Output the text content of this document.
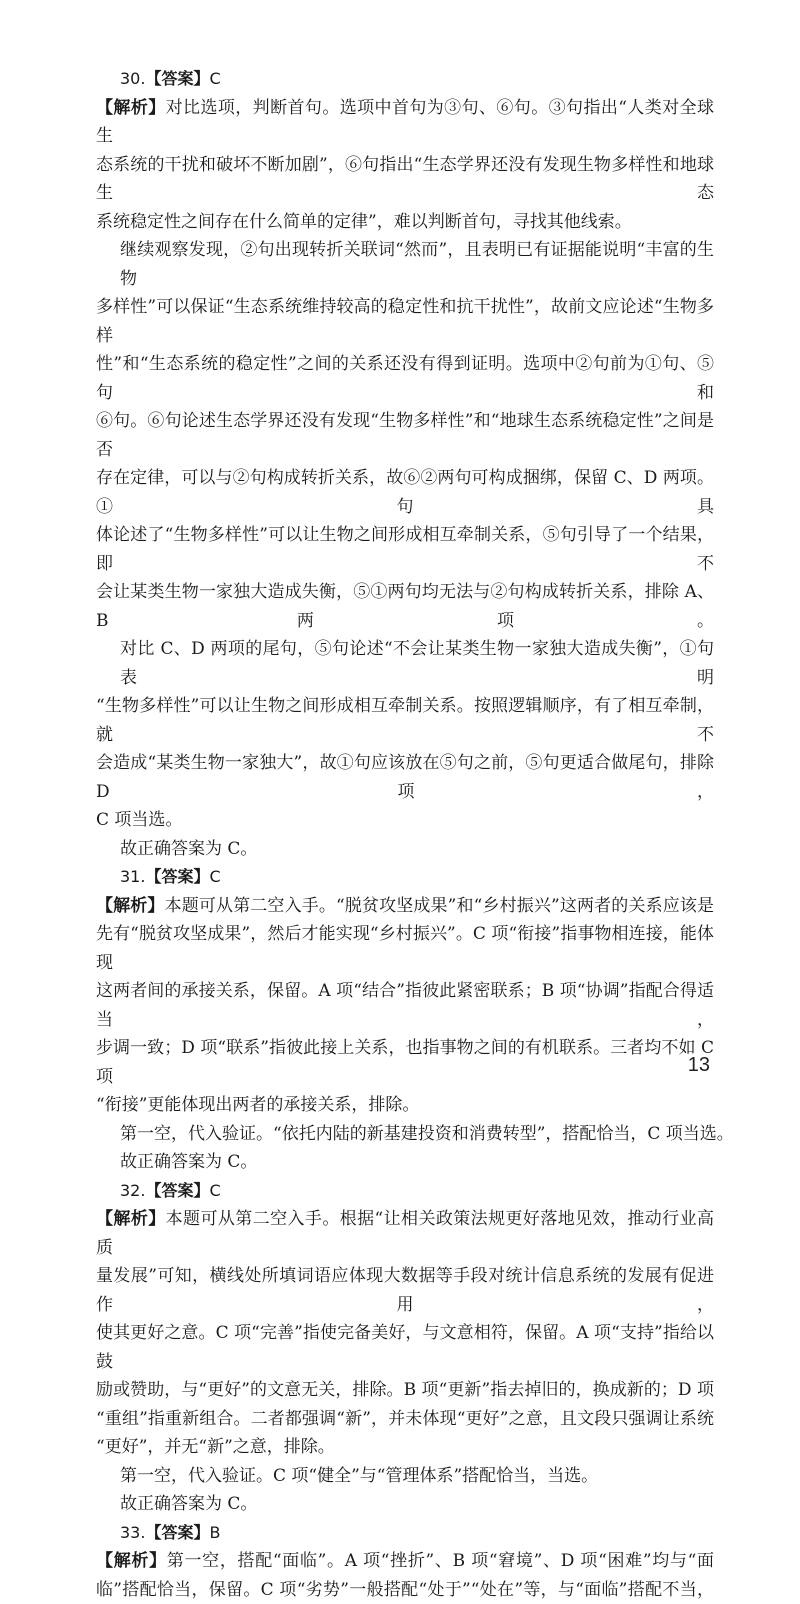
30.【答案】C

【解析】对比选项，判断首句。选项中首句为③句、⑥句。③句指出“人类对全球生

态系统的干扰和破坏不断加剧”，⑥句指出“生态学界还没有发现生物多样性和地球生态

系统稳定性之间存在什么简单的定律”，难以判断首句，寻找其他线索。

继续观察发现，②句出现转折关联词“然而”，且表明已有证据能说明“丰富的生物

多样性”可以保证“生态系统维持较高的稳定性和抗干扰性”，故前文应论述“生物多样

性”和“生态系统的稳定性”之间的关系还没有得到证明。选项中②句前为①句、⑤句和

⑥句。⑥句论述生态学界还没有发现“生物多样性”和“地球生态系统稳定性”之间是否

存在定律，可以与②句构成转折关系，故⑥②两句可构成捆绑，保留 C、D 两项。①句具

体论述了“生物多样性”可以让生物之间形成相互牵制关系，⑤句引导了一个结果，即不

会让某类生物一家独大造成失衡，⑤①两句均无法与②句构成转折关系，排除 A、B 两项。

对比 C、D 两项的尾句，⑤句论述“不会让某类生物一家独大造成失衡”，①句表明

“生物多样性”可以让生物之间形成相互牵制关系。按照逻辑顺序，有了相互牵制，就不

会造成“某类生物一家独大”，故①句应该放在⑤句之前，⑤句更适合做尾句，排除 D 项，

C 项当选。

故正确答案为 C。

31.【答案】C

【解析】本题可从第二空入手。“脱贫攻坚成果”和“乡村振兴”这两者的关系应该是

先有“脱贫攻坚成果”，然后才能实现“乡村振兴”。C 项“衔接”指事物相连接，能体现

这两者间的承接关系，保留。A 项“结合”指彼此紧密联系；B 项“协调”指配合得适当，

步调一致；D 项“联系”指彼此接上关系，也指事物之间的有机联系。三者均不如 C 项

“衔接”更能体现出两者的承接关系，排除。

第一空，代入验证。“依托内陆的新基建投资和消费转型”，搭配恰当，C 项当选。

故正确答案为 C。

32.【答案】C

【解析】本题可从第二空入手。根据“让相关政策法规更好落地见效，推动行业高质

量发展”可知，横线处所填词语应体现大数据等手段对统计信息系统的发展有促进作用，

使其更好之意。C 项“完善”指使完备美好，与文意相符，保留。A 项“支持”指给以鼓

励或赞助，与“更好”的文意无关，排除。B 项“更新”指去掉旧的，换成新的；D 项

“重组”指重新组合。二者都强调“新”，并未体现“更好”之意，且文段只强调让系统

“更好”，并无“新”之意，排除。

第一空，代入验证。C 项“健全”与“管理体系”搭配恰当，当选。

故正确答案为 C。

33.【答案】B

【解析】第一空，搭配“面临”。A 项“挫折”、B 项“窘境”、D 项“困难”均与“面

临”搭配恰当，保留。C 项“劣势”一般搭配“处于”“处在”等，与“面临”搭配不当，

13
